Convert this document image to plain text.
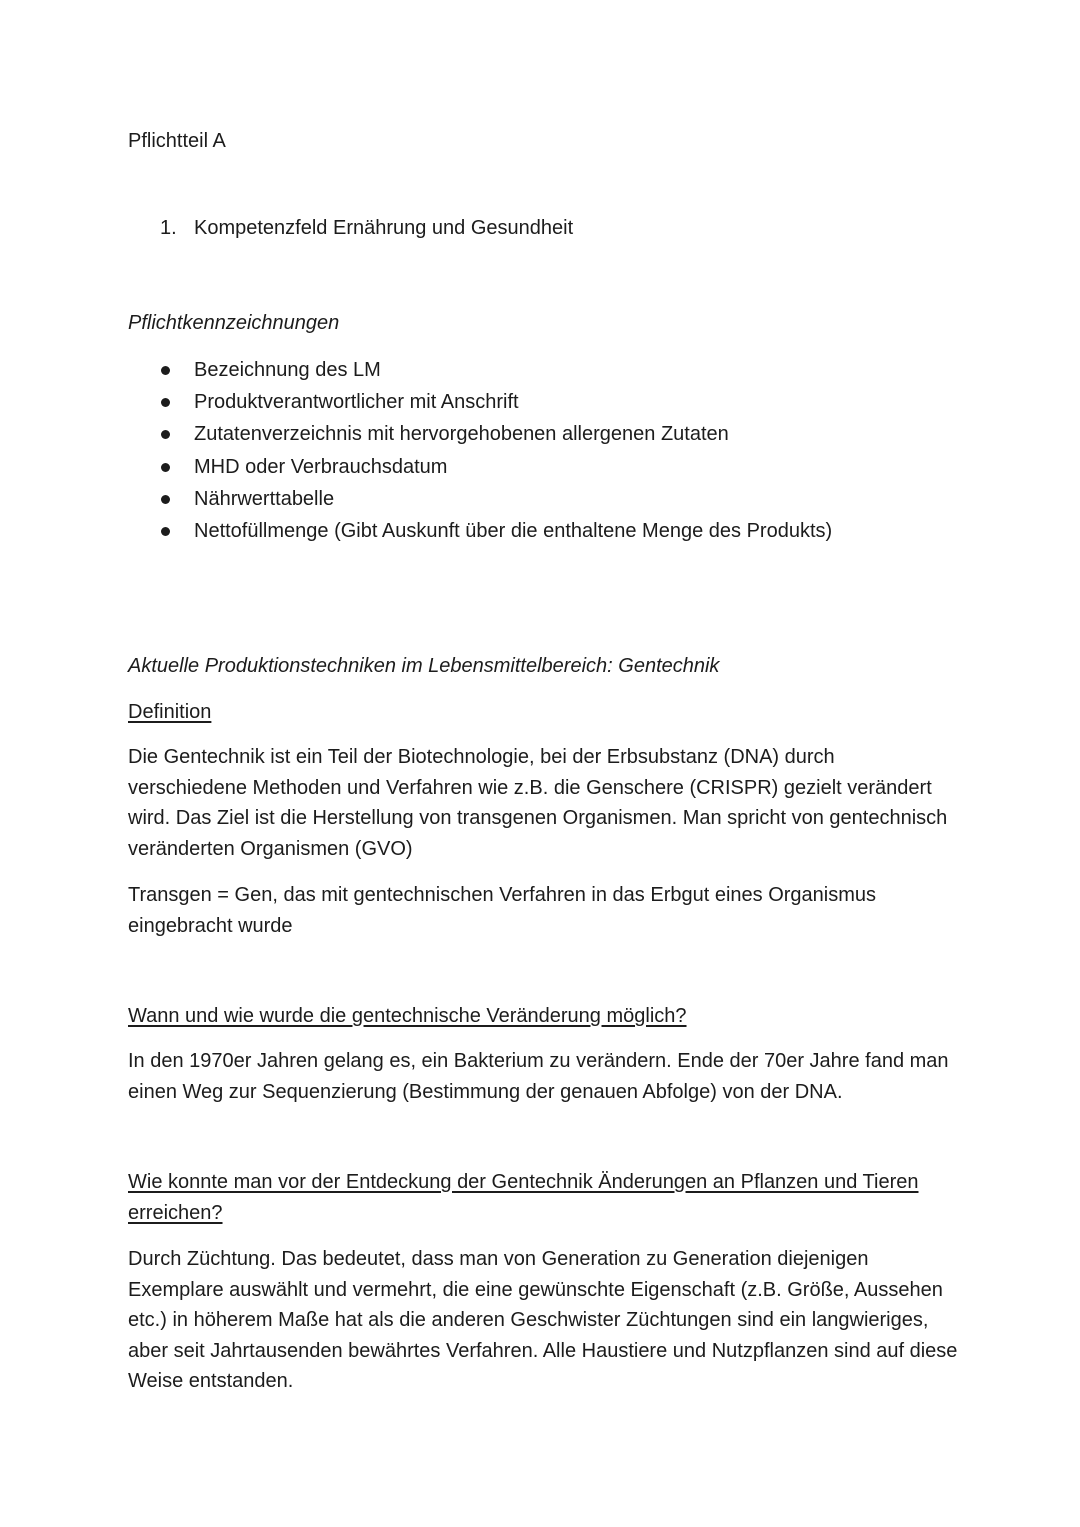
Pflichtteil A

1. Kompetenzfeld Ernährung und Gesundheit

Pflichtkennzeichnungen

Bezeichnung des LM
Produktverantwortlicher mit Anschrift
Zutatenverzeichnis mit hervorgehobenen allergenen Zutaten
MHD oder Verbrauchsdatum
Nährwerttabelle
Nettofüllmenge (Gibt Auskunft über die enthaltene Menge des Produkts)

Aktuelle Produktionstechniken im Lebensmittelbereich: Gentechnik

Definition

Die Gentechnik ist ein Teil der Biotechnologie, bei der Erbsubstanz (DNA) durch verschiedene Methoden und Verfahren wie z.B. die Genschere (CRISPR) gezielt verändert wird. Das Ziel ist die Herstellung von transgenen Organismen. Man spricht von gentechnisch veränderten Organismen (GVO)

Transgen = Gen, das mit gentechnischen Verfahren in das Erbgut eines Organismus eingebracht wurde

Wann und wie wurde die gentechnische Veränderung möglich?

In den 1970er Jahren gelang es, ein Bakterium zu verändern. Ende der 70er Jahre fand man einen Weg zur Sequenzierung (Bestimmung der genauen Abfolge) von der DNA.

Wie konnte man vor der Entdeckung der Gentechnik Änderungen an Pflanzen und Tieren erreichen?

Durch Züchtung. Das bedeutet, dass man von Generation zu Generation diejenigen Exemplare auswählt und vermehrt, die eine gewünschte Eigenschaft (z.B. Größe, Aussehen etc.) in höherem Maße hat als die anderen Geschwister Züchtungen sind ein langwieriges, aber seit Jahrtausenden bewährtes Verfahren. Alle Haustiere und Nutzpflanzen sind auf diese Weise entstanden.
